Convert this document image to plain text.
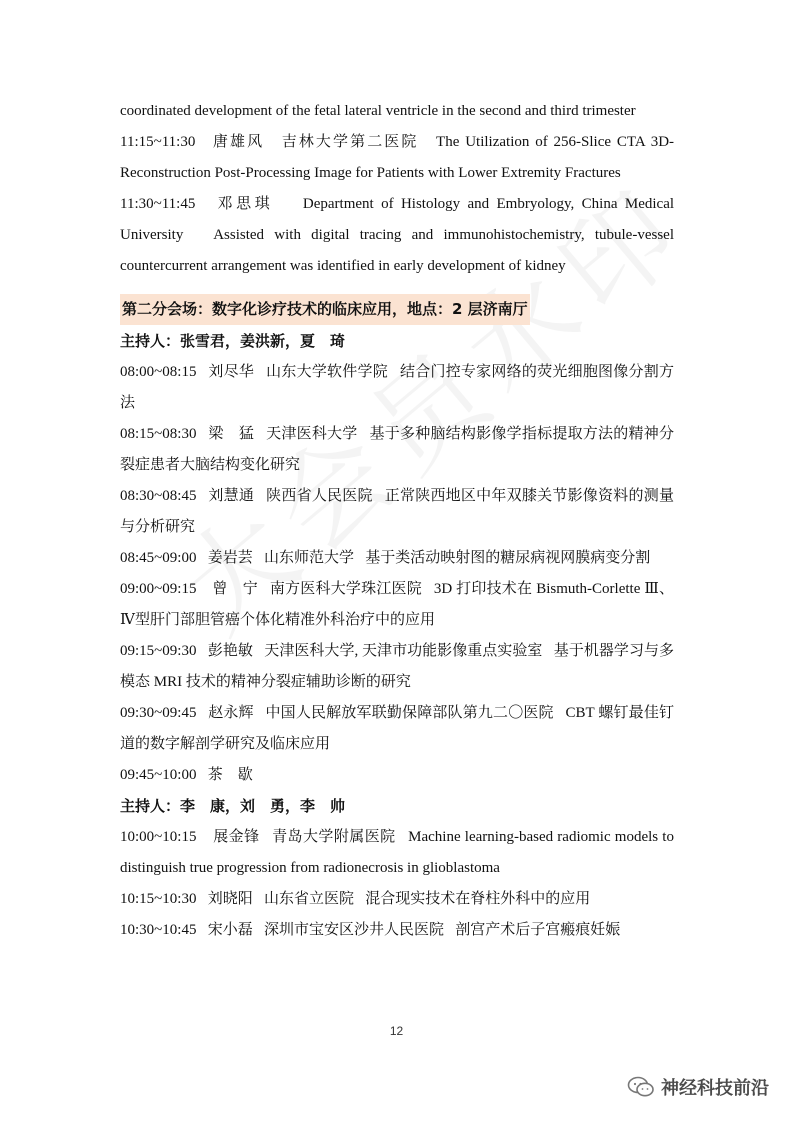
coordinated development of the fetal lateral ventricle in the second and third trimester

11:15~11:30 唐雄风 吉林大学第二医院 The Utilization of 256-Slice CTA 3D-Reconstruction Post-Processing Image for Patients with Lower Extremity Fractures

11:30~11:45 邓思琪 Department of Histology and Embryology, China Medical University Assisted with digital tracing and immunohistochemistry, tubule-vessel countercurrent arrangement was identified in early development of kidney

第二分会场：数字化诊疗技术的临床应用，地点：2 层济南厅

主持人：张雪君，姜洪新，夏　琦

08:00~08:15 刘尽华 山东大学软件学院 结合门控专家网络的荧光细胞图像分割方法

08:15~08:30 梁　猛 天津医科大学 基于多种脑结构影像学指标提取方法的精神分裂症患者大脑结构变化研究

08:30~08:45 刘慧通 陕西省人民医院 正常陕西地区中年双膝关节影像资料的测量与分析研究

08:45~09:00 姜岩芸 山东师范大学 基于类活动映射图的糖尿病视网膜病变分割

09:00~09:15 曾　宁 南方医科大学珠江医院 3D 打印技术在 Bismuth-Corlette Ⅲ、Ⅳ型肝门部胆管癌个体化精准外科治疗中的应用

09:15~09:30 彭艳敏 天津医科大学, 天津市功能影像重点实验室 基于机器学习与多模态 MRI 技术的精神分裂症辅助诊断的研究

09:30~09:45 赵永辉 中国人民解放军联勤保障部队第九二〇医院 CBT 螺钉最佳钉道的数字解剖学研究及临床应用

09:45~10:00 茶　歇

主持人：李　康，刘　勇，李　帅

10:00~10:15 展金锋 青岛大学附属医院 Machine learning-based radiomic models to distinguish true progression from radionecrosis in glioblastoma

10:15~10:30 刘晓阳 山东省立医院 混合现实技术在脊柱外科中的应用

10:30~10:45 宋小磊 深圳市宝安区沙井人民医院 剖宫产术后子宫瘢痕妊娠

12
神经科技前沿
